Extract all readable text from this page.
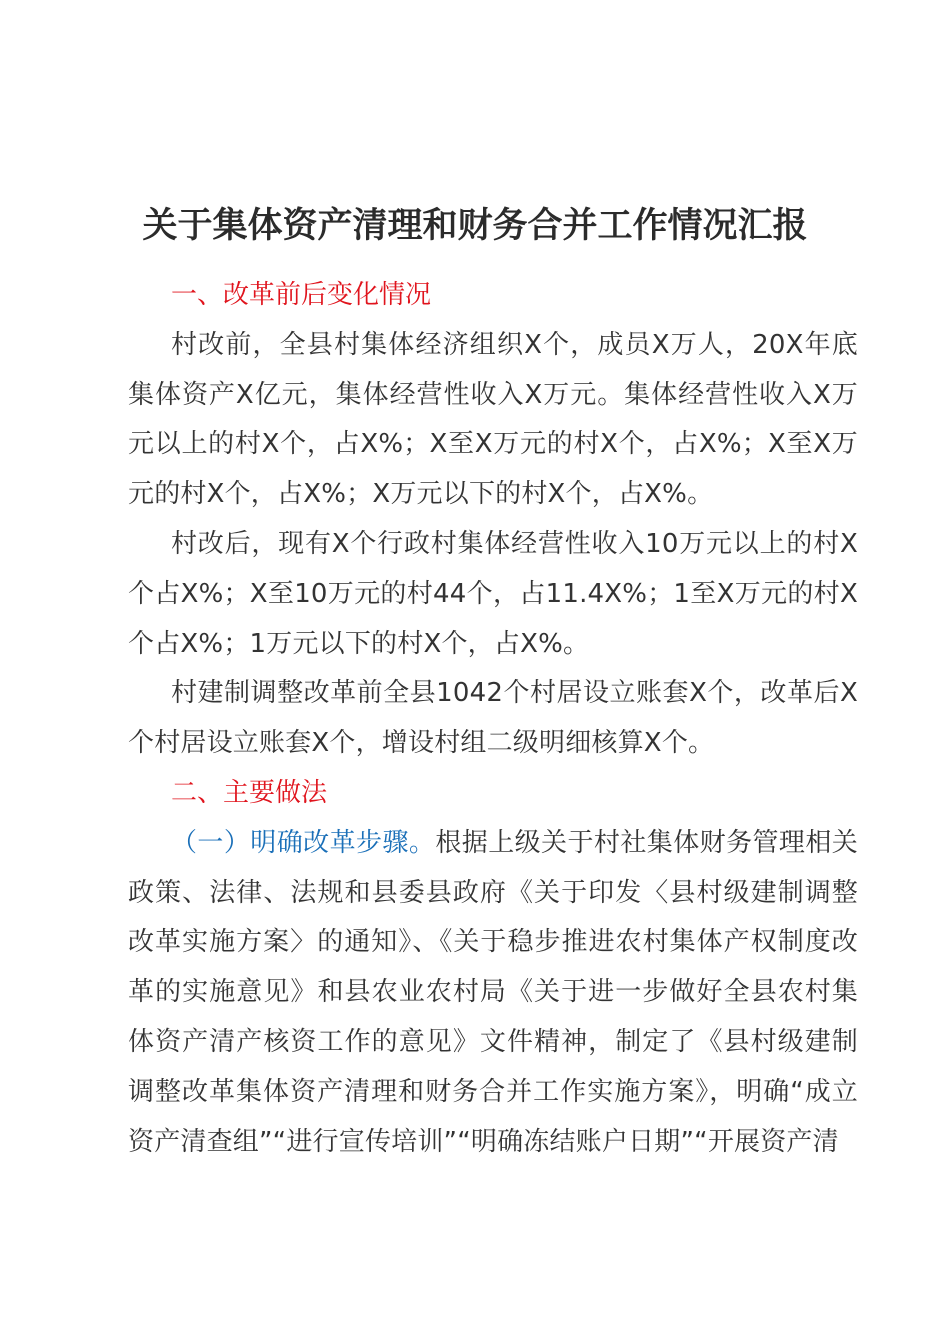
关于集体资产清理和财务合并工作情况汇报

一、改革前后变化情况

村改前，全县村集体经济组织X个，成员X万人，20X年底集体资产X亿元，集体经营性收入X万元。集体经营性收入X万元以上的村X个，占X%；X至X万元的村X个，占X%；X至X万元的村X个，占X%；X万元以下的村X个，占X%。

村改后，现有X个行政村集体经营性收入10万元以上的村X个占X%；X至10万元的村44个，占11.4X%；1至X万元的村X个占X%；1万元以下的村X个，占X%。

村建制调整改革前全县1042个村居设立账套X个，改革后X个村居设立账套X个，增设村组二级明细核算X个。

二、主要做法

（一）明确改革步骤。根据上级关于村社集体财务管理相关政策、法律、法规和县委县政府《关于印发〈县村级建制调整改革实施方案〉的通知》、《关于稳步推进农村集体产权制度改革的实施意见》和县农业农村局《关于进一步做好全县农村集体资产清产核资工作的意见》文件精神，制定了《县村级建制调整改革集体资产清理和财务合并工作实施方案》，明确“成立资产清查组”“进行宣传培训”“明确冻结账户日期”“开展资产清
